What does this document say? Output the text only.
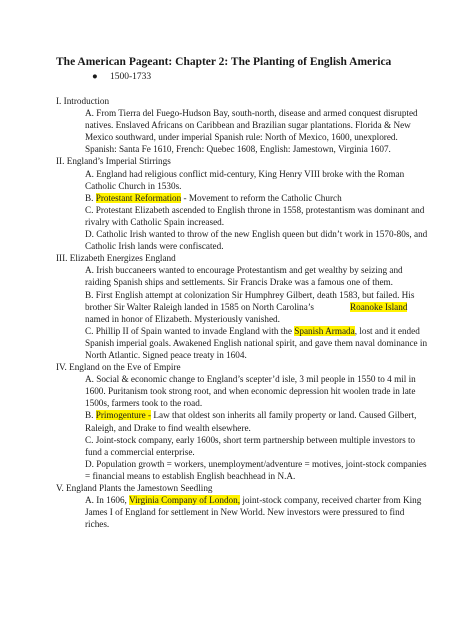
The American Pageant: Chapter 2: The Planting of English America
● 1500-1733
I. Introduction
A. From Tierra del Fuego-Hudson Bay, south-north, disease and armed conquest disrupted natives. Enslaved Africans on Caribbean and Brazilian sugar plantations. Florida & New Mexico southward, under imperial Spanish rule: North of Mexico, 1600, unexplored. Spanish: Santa Fe 1610, French: Quebec 1608, English: Jamestown, Virginia 1607.
II. England’s Imperial Stirrings
A. England had religious conflict mid-century, King Henry VIII broke with the Roman Catholic Church in 1530s.
B. Protestant Reformation - Movement to reform the Catholic Church
C. Protestant Elizabeth ascended to English throne in 1558, protestantism was dominant and rivalry with Catholic Spain increased.
D. Catholic Irish wanted to throw of the new English queen but didn’t work in 1570-80s, and Catholic Irish lands were confiscated.
III. Elizabeth Energizes England
A. Irish buccaneers wanted to encourage Protestantism and get wealthy by seizing and raiding Spanish ships and settlements. Sir Francis Drake was a famous one of them.
B. First English attempt at colonization Sir Humphrey Gilbert, death 1583, but failed. His brother Sir Walter Raleigh landed in 1585 on North Carolina’s	Roanoke Island named in honor of Elizabeth. Mysteriously vanished.
C. Phillip II of Spain wanted to invade England with the Spanish Armada, lost and it ended Spanish imperial goals. Awakened English national spirit, and gave them naval dominance in North Atlantic. Signed peace treaty in 1604.
IV. England on the Eve of Empire
A. Social & economic change to England’s scepter’d isle, 3 mil people in 1550 to 4 mil in 1600. Puritanism took strong root, and when economic depression hit woolen trade in late 1500s, farmers took to the road.
B. Primogenture - Law that oldest son inherits all family property or land. Caused Gilbert, Raleigh, and Drake to find wealth elsewhere.
C. Joint-stock company, early 1600s, short term partnership between multiple investors to fund a commercial enterprise.
D. Population growth = workers, unemployment/adventure = motives, joint-stock companies = financial means to establish English beachhead in N.A.
V. England Plants the Jamestown Seedling
A. In 1606, Virginia Company of London, joint-stock company, received charter from King James I of England for settlement in New World. New investors were pressured to find riches.
